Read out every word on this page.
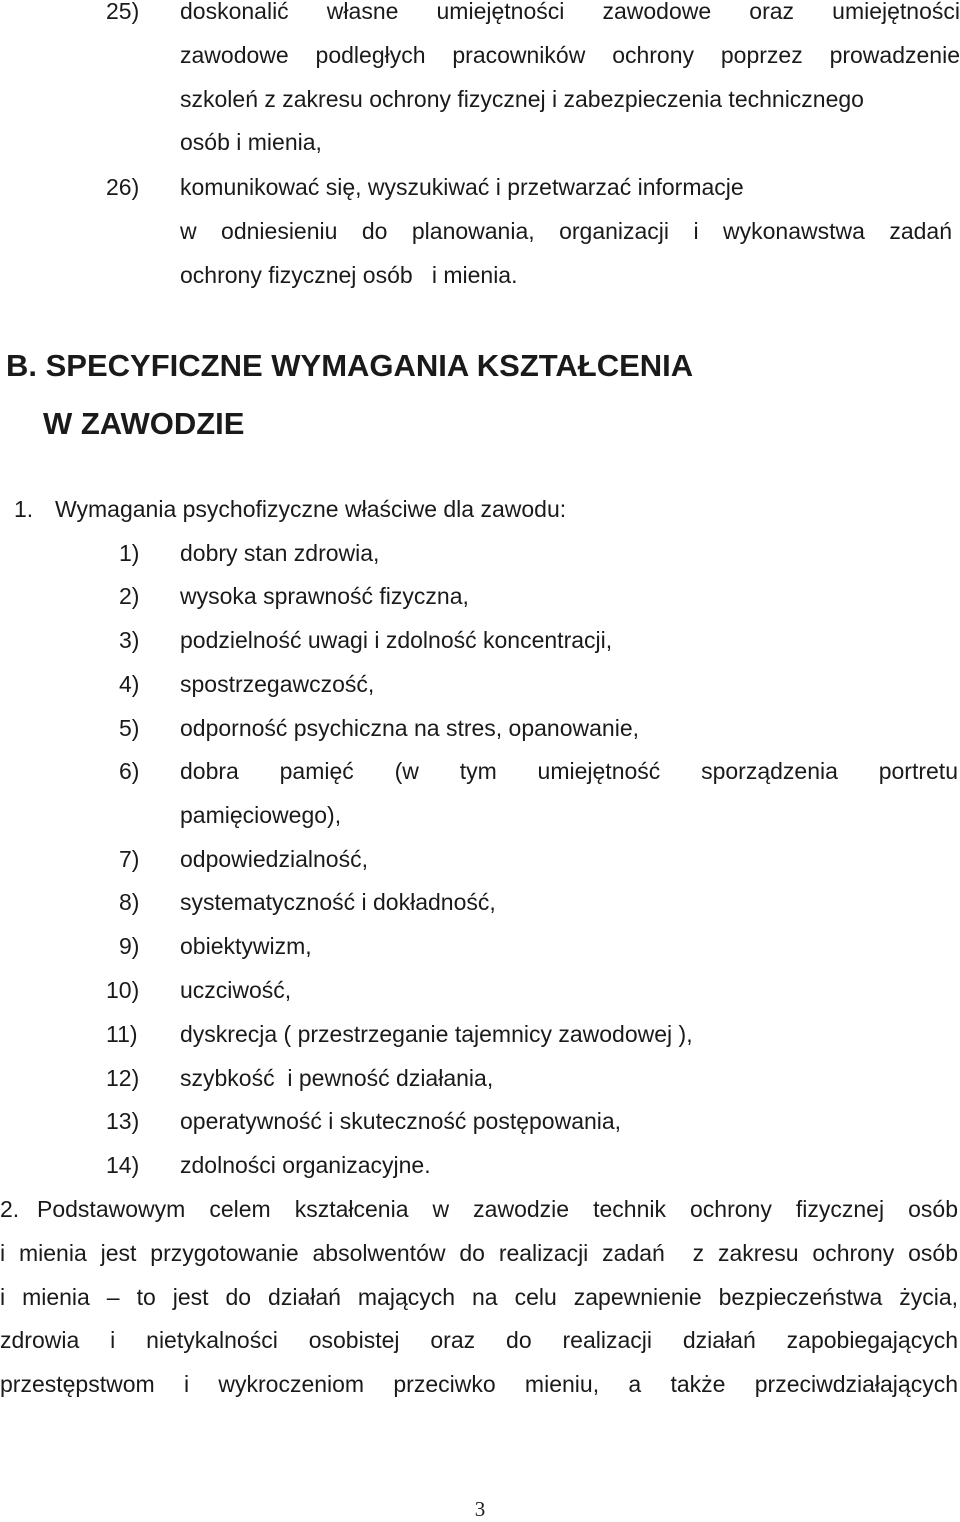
25) doskonalić własne umiejętności zawodowe oraz umiejętności
zawodowe podległych pracowników ochrony poprzez prowadzenie
szkoleń z zakresu ochrony fizycznej i zabezpieczenia technicznego
osób i mienia,
26) komunikować się, wyszukiwać i przetwarzać informacje
w odniesieniu do planowania, organizacji i wykonawstwa zadań
ochrony fizycznej osób   i mienia.
B. SPECYFICZNE WYMAGANIA KSZTAŁCENIA
W ZAWODZIE
1. Wymagania psychofizyczne właściwe dla zawodu:
1) dobry stan zdrowia,
2) wysoka sprawność fizyczna,
3) podzielność uwagi i zdolność koncentracji,
4) spostrzegawczość,
5) odporność psychiczna na stres, opanowanie,
6) dobra pamięć (w tym umiejętność sporządzenia portretu
pamięciowego),
7) odpowiedzialność,
8) systematyczność i dokładność,
9) obiektywizm,
10) uczciwość,
11) dyskrecja ( przestrzeganie tajemnicy zawodowej ),
12) szybkość  i pewność działania,
13) operatywność i skuteczność postępowania,
14) zdolności organizacyjne.
2. Podstawowym celem kształcenia w zawodzie technik ochrony fizycznej osób
i mienia jest przygotowanie absolwentów do realizacji zadań  z zakresu ochrony osób
i mienia – to jest do działań mających na celu zapewnienie bezpieczeństwa życia,
zdrowia i nietykalności osobistej oraz do realizacji działań zapobiegających
przestępstwom i wykroczeniom przeciwko mieniu, a także przeciwdziałających
3
